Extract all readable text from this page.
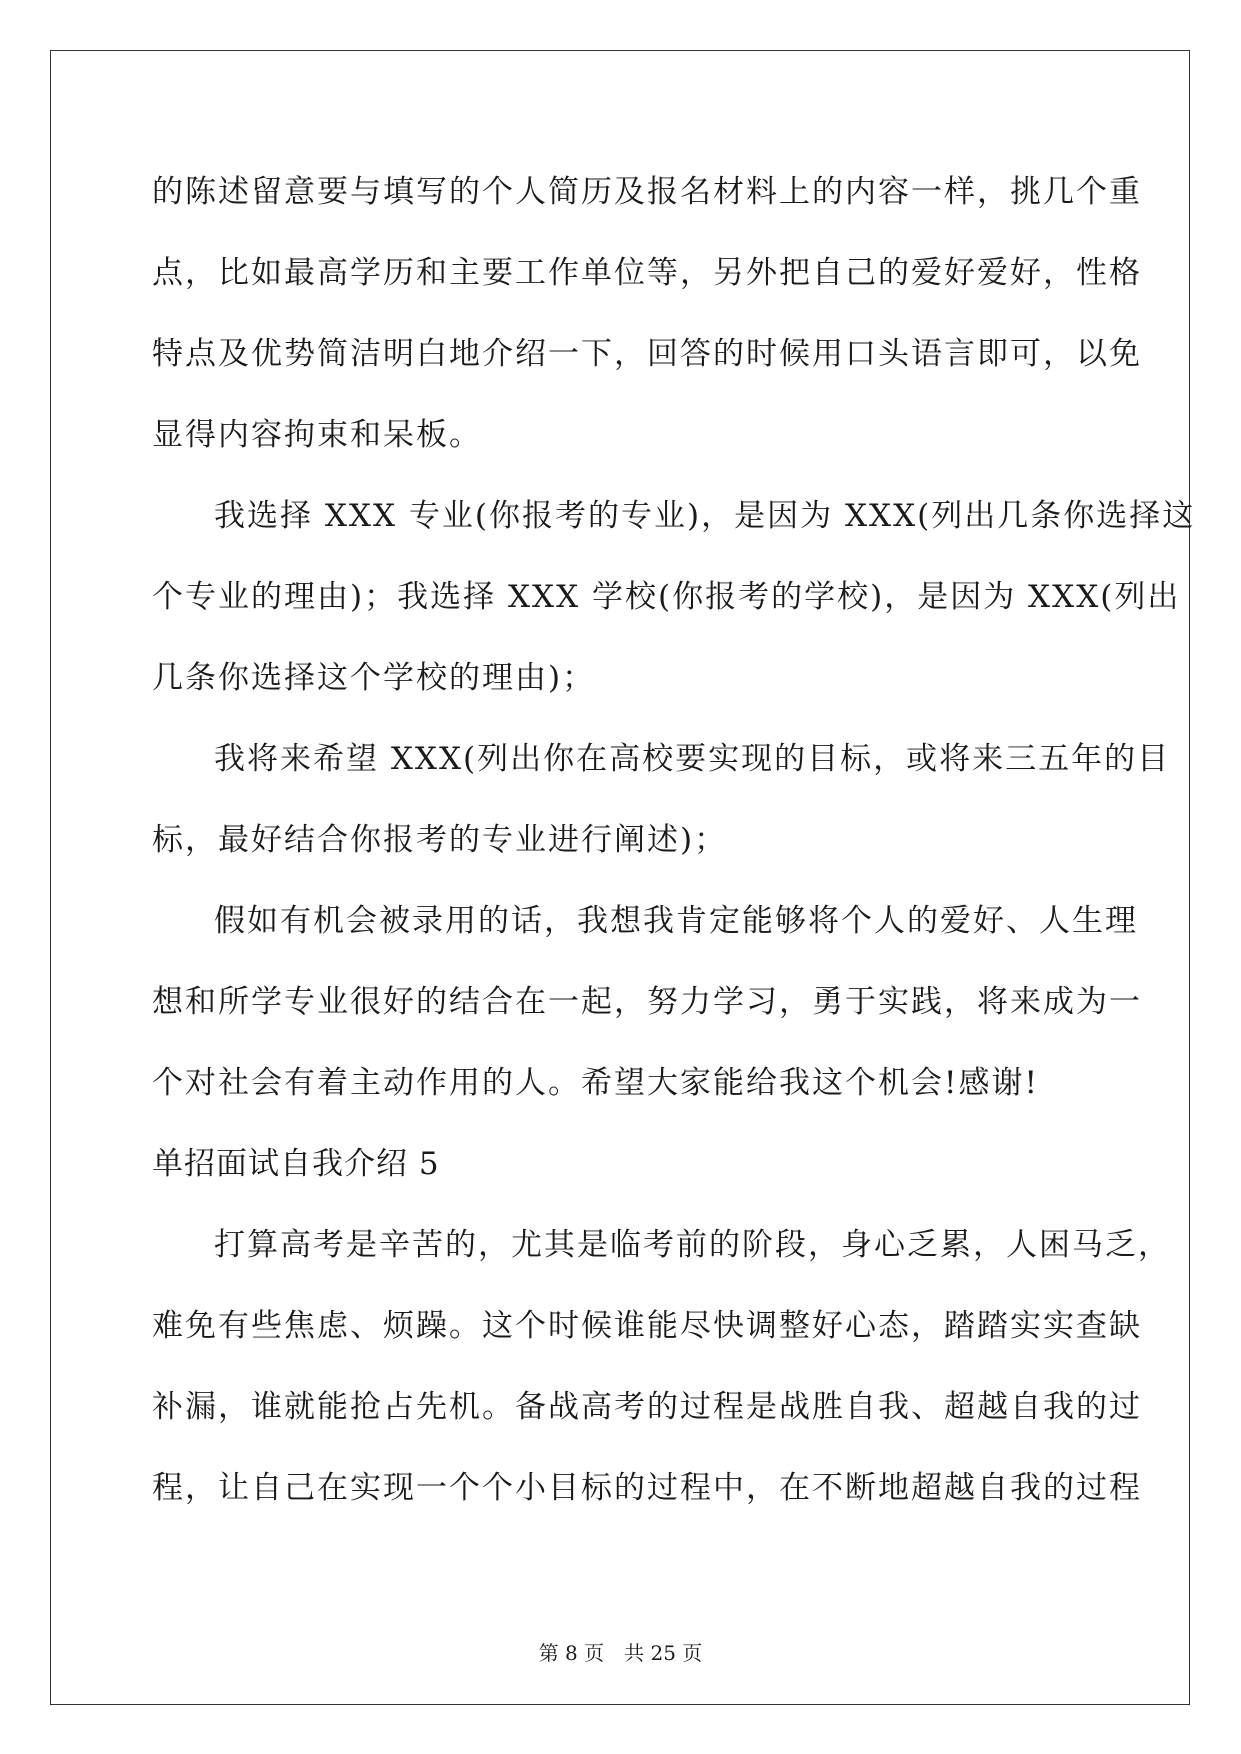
的陈述留意要与填写的个人简历及报名材料上的内容一样，挑几个重
点，比如最高学历和主要工作单位等，另外把自己的爱好爱好，性格
特点及优势简洁明白地介绍一下，回答的时候用口头语言即可，以免
显得内容拘束和呆板。
我选择 XXX 专业(你报考的专业)，是因为 XXX(列出几条你选择这
个专业的理由)；我选择 XXX 学校(你报考的学校)，是因为 XXX(列出
几条你选择这个学校的理由)；
我将来希望 XXX(列出你在高校要实现的目标，或将来三五年的目
标，最好结合你报考的专业进行阐述)；
假如有机会被录用的话，我想我肯定能够将个人的爱好、人生理
想和所学专业很好的结合在一起，努力学习，勇于实践，将来成为一
个对社会有着主动作用的人。希望大家能给我这个机会!感谢!
单招面试自我介绍 5
打算高考是辛苦的，尤其是临考前的阶段，身心乏累，人困马乏，
难免有些焦虑、烦躁。这个时候谁能尽快调整好心态，踏踏实实查缺
补漏，谁就能抢占先机。备战高考的过程是战胜自我、超越自我的过
程，让自己在实现一个个小目标的过程中，在不断地超越自我的过程
第 8 页 共 25 页
